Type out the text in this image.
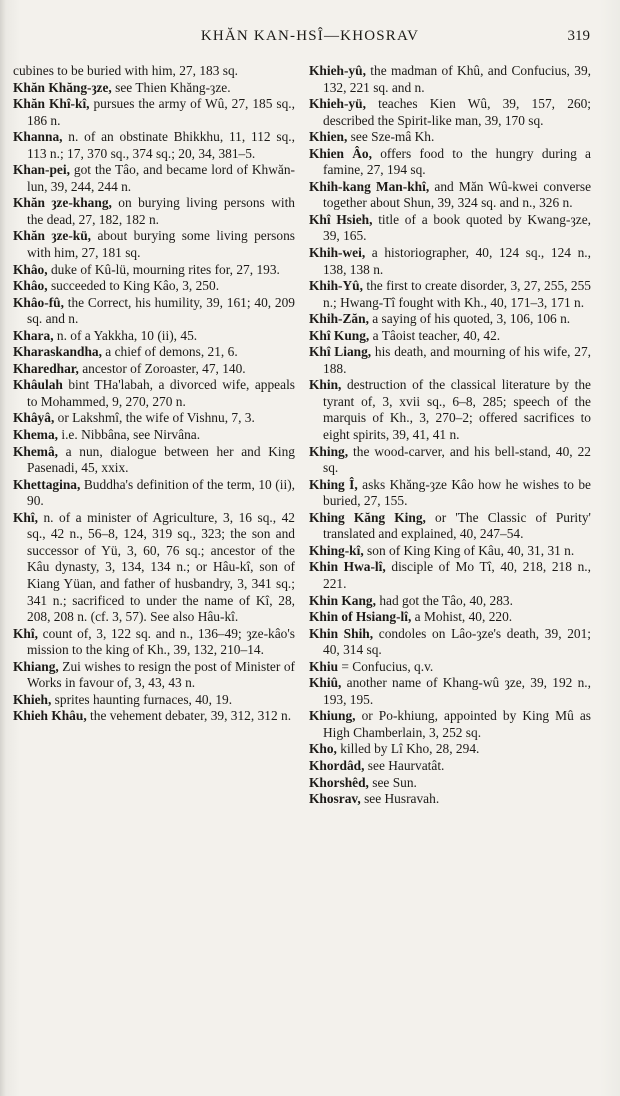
KHĂN KAN-HSÎ—KHOSRAV	319
cubines to be buried with him, 27, 183 sq.
Khăn Khăng-ȝze, see Thien Khăng-ȝze.
Khăn Khî-kî, pursues the army of Wû, 27, 185 sq., 186 n.
Khanna, n. of an obstinate Bhikkhu, 11, 112 sq., 113 n.; 17, 370 sq., 374 sq.; 20, 34, 381–5.
Khan-pei, got the Tâo, and became lord of Khwăn-lun, 39, 244, 244 n.
Khăn ȝze-khang, on burying living persons with the dead, 27, 182, 182 n.
Khăn ȝze-kü, about burying some living persons with him, 27, 181 sq.
Khâo, duke of Kû-lü, mourning rites for, 27, 193.
Khâo, succeeded to King Kâo, 3, 250.
Khâo-fû, the Correct, his humility, 39, 161; 40, 209 sq. and n.
Khara, n. of a Yakkha, 10 (ii), 45.
Kharaskandha, a chief of demons, 21, 6.
Kharedhar, ancestor of Zoroaster, 47, 140.
Khâulah bint THa'labah, a divorced wife, appeals to Mohammed, 9, 270, 270 n.
Khâyâ, or Lakshmî, the wife of Vishnu, 7, 3.
Khema, i.e. Nibbâna, see Nirvâna.
Khemâ, a nun, dialogue between her and King Pasenadi, 45, xxix.
Khettagina, Buddha's definition of the term, 10 (ii), 90.
Khî, n. of a minister of Agriculture, 3, 16 sq., 42 sq., 42 n., 56–8, 124, 319 sq., 323; the son and successor of Yü, 3, 60, 76 sq.; ancestor of the Kâu dynasty, 3, 134, 134 n.; or Hâu-kî, son of Kiang Yüan, and father of husbandry, 3, 341 sq.; 341 n.; sacrificed to under the name of Kî, 28, 208, 208 n. (cf. 3, 57). See also Hâu-kî.
Khî, count of, 3, 122 sq. and n., 136–49; ȝze-kâo's mission to the king of Kh., 39, 132, 210–14.
Khiang, Zui wishes to resign the post of Minister of Works in favour of, 3, 43, 43 n.
Khieh, sprites haunting furnaces, 40, 19.
Khieh Khâu, the vehement debater, 39, 312, 312 n.
Khieh-yû, the madman of Khû, and Confucius, 39, 132, 221 sq. and n.
Khieh-yü, teaches Kien Wû, 39, 157, 260; described the Spirit-like man, 39, 170 sq.
Khien, see Sze-mâ Kh.
Khien Âo, offers food to the hungry during a famine, 27, 194 sq.
Khih-kang Man-khî, and Măn Wû-kwei converse together about Shun, 39, 324 sq. and n., 326 n.
Khî Hsieh, title of a book quoted by Kwang-ȝze, 39, 165.
Khih-wei, a historiographer, 40, 124 sq., 124 n., 138, 138 n.
Khih-Yû, the first to create disorder, 3, 27, 255, 255 n.; Hwang-Tî fought with Kh., 40, 171–3, 171 n.
Khih-Zăn, a saying of his quoted, 3, 106, 106 n.
Khî Kung, a Tâoist teacher, 40, 42.
Khî Liang, his death, and mourning of his wife, 27, 188.
Khin, destruction of the classical literature by the tyrant of, 3, xvii sq., 6–8, 285; speech of the marquis of Kh., 3, 270–2; offered sacrifices to eight spirits, 39, 41, 41 n.
Khing, the wood-carver, and his bell-stand, 40, 22 sq.
Khing Î, asks Khăng-ȝze Kâo how he wishes to be buried, 27, 155.
Khing Kăng King, or 'The Classic of Purity' translated and explained, 40, 247–54.
Khing-kî, son of King King of Kâu, 40, 31, 31 n.
Khin Hwa-lî, disciple of Mo Tî, 40, 218, 218 n., 221.
Khin Kang, had got the Tâo, 40, 283.
Khin of Hsiang-lî, a Mohist, 40, 220.
Khin Shih, condoles on Lâo-ȝze's death, 39, 201; 40, 314 sq.
Khiu = Confucius, q.v.
Khiû, another name of Khang-wû ȝze, 39, 192 n., 193, 195.
Khiung, or Po-khiung, appointed by King Mû as High Chamberlain, 3, 252 sq.
Kho, killed by Lî Kho, 28, 294.
Khordâd, see Haurvatât.
Khorshêd, see Sun.
Khosrav, see Husravah.
